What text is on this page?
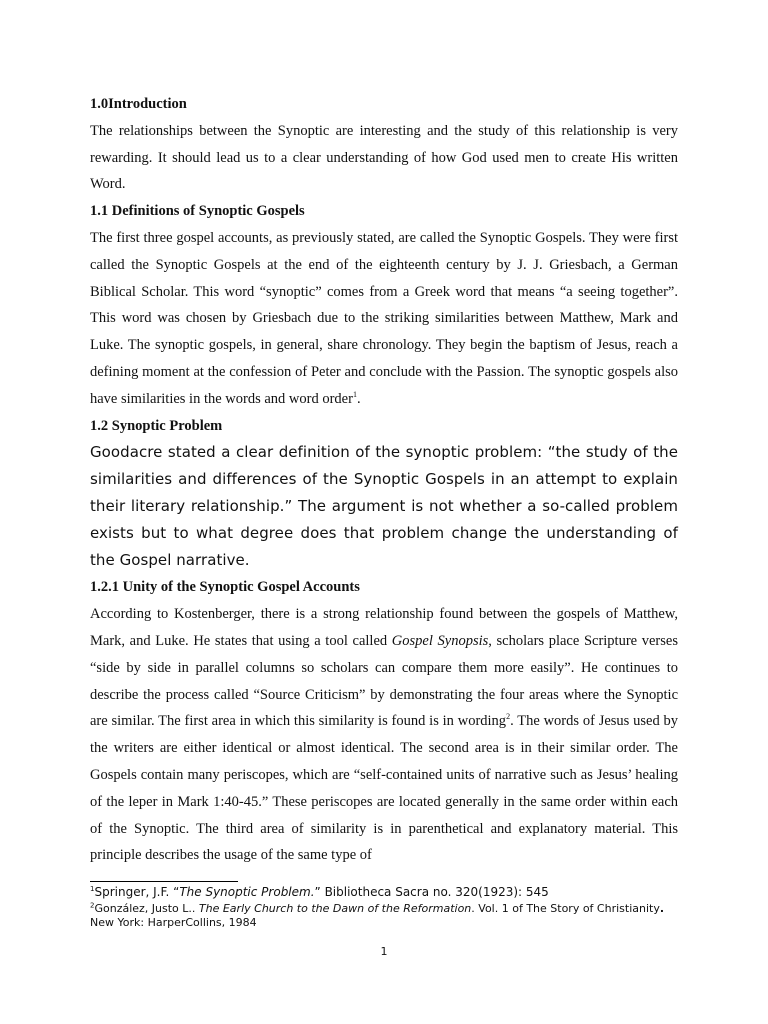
1.0Introduction

The relationships between the Synoptic are interesting and the study of this relationship is very rewarding. It should lead us to a clear understanding of how God used men to create His written Word.

1.1 Definitions of Synoptic Gospels

The first three gospel accounts, as previously stated, are called the Synoptic Gospels. They were first called the Synoptic Gospels at the end of the eighteenth century by J. J. Griesbach, a German Biblical Scholar. This word “synoptic” comes from a Greek word that means “a seeing together”. This word was chosen by Griesbach due to the striking similarities between Matthew, Mark and Luke. The synoptic gospels, in general, share chronology. They begin the baptism of Jesus, reach a defining moment at the confession of Peter and conclude with the Passion. The synoptic gospels also have similarities in the words and word order$^1$.

1.2 Synoptic Problem

Goodacre stated a clear definition of the synoptic problem: “the study of the similarities and differences of the Synoptic Gospels in an attempt to explain their literary relationship.” The argument is not whether a so-called problem exists but to what degree does that problem change the understanding of the Gospel narrative.

1.2.1 Unity of the Synoptic Gospel Accounts

According to Kostenberger, there is a strong relationship found between the gospels of Matthew, Mark, and Luke. He states that using a tool called Gospel Synopsis, scholars place Scripture verses “side by side in parallel columns so scholars can compare them more easily”. He continues to describe the process called “Source Criticism” by demonstrating the four areas where the Synoptic are similar. The first area in which this similarity is found is in wording$^2$. The words of Jesus used by the writers are either identical or almost identical. The second area is in their similar order. The Gospels contain many periscopes, which are “self-contained units of narrative such as Jesus’ healing of the leper in Mark 1:40-45.” These periscopes are located generally in the same order within each of the Synoptic. The third area of similarity is in parenthetical and explanatory material. This principle describes the usage of the same type of

$^1$Springer, J.F. “The Synoptic Problem.” Bibliotheca Sacra no. 320(1923): 545
$^2$González, Justo L.. The Early Church to the Dawn of the Reformation. Vol. 1 of The Story of Christianity. New York: HarperCollins, 1984
1
